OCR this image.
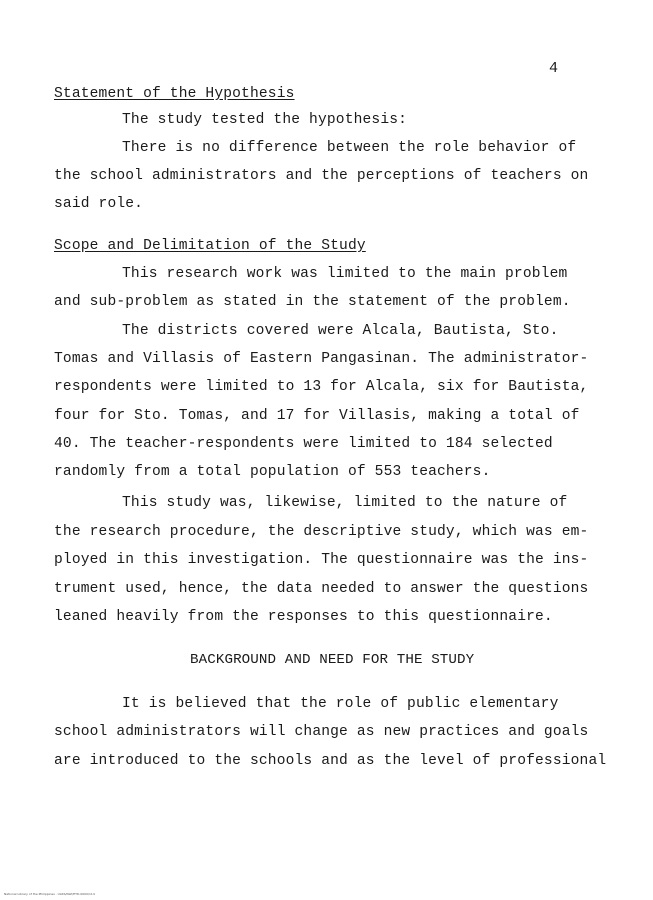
4
Statement of the Hypothesis
The study tested the hypothesis:
There is no difference between the role behavior of
the school administrators and the perceptions of teachers on
said role.
Scope and Delimitation of the Study
This research work was limited to the main problem
and sub-problem as stated in the statement of the problem.
The districts covered were Alcala, Bautista, Sto.
Tomas and Villasis of Eastern Pangasinan. The administrator-
respondents were limited to 13 for Alcala, six for Bautista,
four for Sto. Tomas, and 17 for Villasis, making a total of
40. The teacher-respondents were limited to 184 selected
randomly from a total population of 553 teachers.
This study was, likewise, limited to the nature of
the research procedure, the descriptive study, which was em-
ployed in this investigation. The questionnaire was the ins-
trument used, hence, the data needed to answer the questions
leaned heavily from the responses to this questionnaire.
BACKGROUND AND NEED FOR THE STUDY
It is believed that the role of public elementary
school administrators will change as new practices and goals
are introduced to the schools and as the level of professional
National Library of the Philippines · ULRS/NLP/ETD-0000/114
